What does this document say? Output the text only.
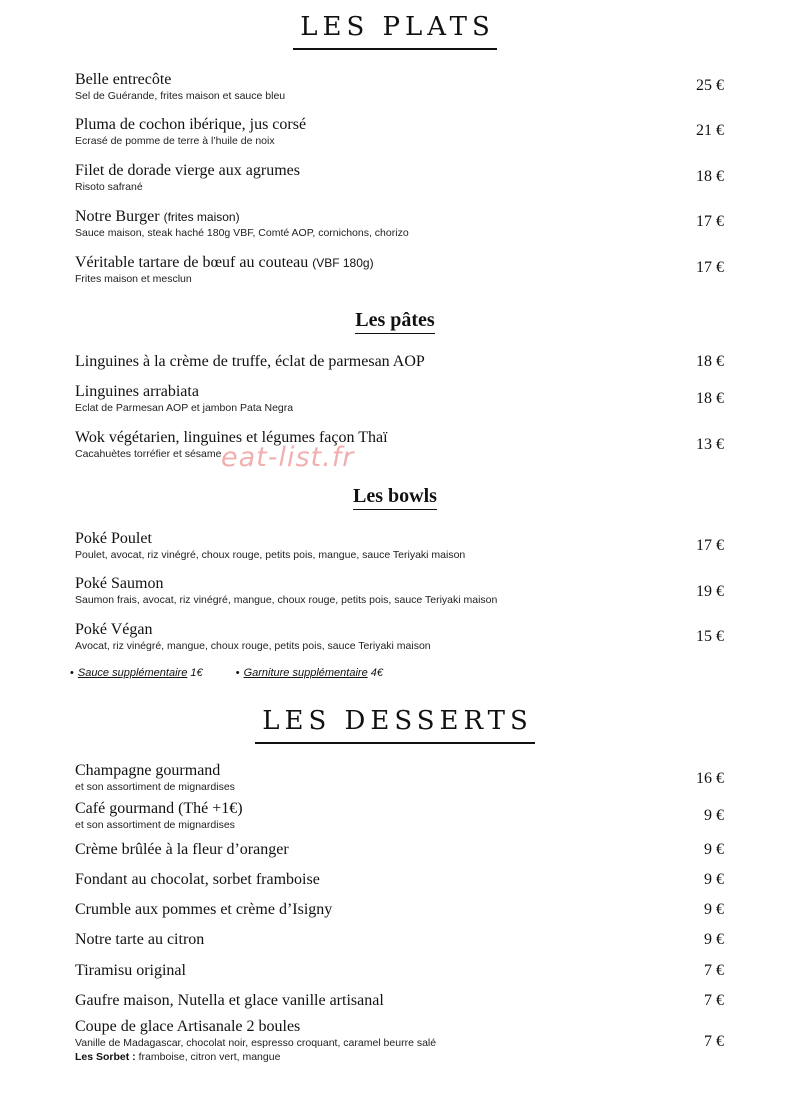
LES PLATS
Belle entrecôte
Sel de Guérande, frites maison et sauce bleu
25 €
Pluma de cochon ibérique, jus corsé
Ecrasé de pomme de terre à l’huile de noix
21 €
Filet de dorade vierge aux agrumes
Risoto safrané
18 €
Notre Burger (frites maison)
Sauce maison, steak haché 180g VBF, Comté AOP, cornichons, chorizo
17 €
Véritable tartare de bœuf au couteau (VBF 180g)
Frites maison et mesclun
17 €
Les pâtes
Linguines à la crème de truffe, éclat de parmesan AOP	18 €
Linguines arrabiata
Eclat de Parmesan AOP et jambon Pata Negra
18 €
Wok végétarien, linguines et légumes façon Thaï
Cacahuètes torréfier et sésame
13 €
eat-list.fr
Les bowls
Poké Poulet
Poulet, avocat, riz vinégré, choux rouge, petits pois, mangue, sauce Teriyaki maison
17 €
Poké Saumon
Saumon frais, avocat, riz vinégré, mangue, choux rouge, petits pois, sauce Teriyaki maison	19 €
Poké Végan
Avocat, riz vinégré, mangue, choux rouge, petits pois, sauce Teriyaki maison
15 €
• Sauce supplémentaire 1€	• Garniture supplémentaire 4€
LES DESSERTS
Champagne gourmand
et son assortiment de mignardises	16 €
Café gourmand (Thé +1€)
et son assortiment de mignardises
9 €
Crème brûlée à la fleur d’oranger	9 €
Fondant au chocolat, sorbet framboise	9 €
Crumble aux pommes et crème d’Isigny	9 €
Notre tarte au citron	9 €
Tiramisu original	7 €
Gaufre maison, Nutella et glace vanille artisanal	7 €
Coupe de glace Artisanale 2 boules
Vanille de Madagascar, chocolat noir, espresso croquant, caramel beurre salé
Les Sorbet : framboise, citron vert, mangue
7 €
